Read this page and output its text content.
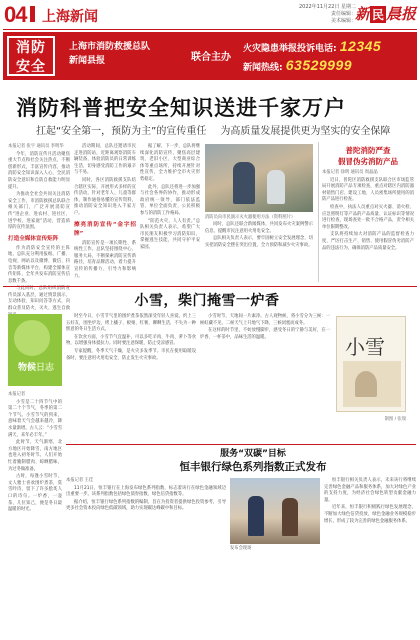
04 上海新闻
2022年11月22日 星期二
责任编辑：
美术编辑：
新 民 晨报
消防
安全
上海市消防救援总队
新闻县报	联合主办
火灾隐患举报投诉电话: 12345
新闻热线: 63529999
消防科普把安全知识送进千家万户
扛起“安全第一，预防为主”的宣传重任 为高质量发展提供更为坚实的安全保障

本报记者 张宇 通讯员 李明华

今年，消防宣传月活动聚焦重大节点和社会关注热点，不断创新形式，丰富宣传内容，推动消防安全知识深入人心，全民消防安全意识和自防自救能力明显提升。

为推动全社会共同关注消防安全工作，市消防救援总队联合相关部门，广泛开展消防宣传“进企业、进农村、进社区、进学校、进家庭”活动，营造浓厚的宣传氛围。

打造全媒体宣传矩阵

作为消防安全宣传的主阵地，总队充分利用报纸、广播、电视、网站以及微博、微信、抖音等新媒体平台，构建全媒体宣传矩阵，全年共发布消防宣传信息数千条。

与此同时，总队组织消防宣传员深入基层，通过情景演示、互动体验、知识问答等方式，向群众普及防火、灭火、逃生自救

活动期间，总队还邀请市民走进消防站，近距离观察消防车辆装备，体验消防员的日常训练生活，切身感受消防工作的艰辛与不易。

同时，各区消防救援支队结合辖区实际，开展形式多样的宣传活动，针对老年人、儿童等群体，制作通俗易懂的宣传资料，推动消防安全知识进入千家万户。

擦亮消防宣传“金字招牌”

消防宣传是一项长期性、系统性工作。总队坚持围绕中心、服务大局，不断探索消防宣传新路径，培育品牌活动，着力提升宣传的传播力、引导力和影响力。

据了解，下一步，总队将继续深化消防宣传，聚焦高层建筑、老旧小区、大型商业综合体等重点场所，持续开展针对性宣传，全力维护全市火灾形势稳定。

此外，总队还将进一步加强与社会各界的协作，推动形成政府统一领导、部门依法监管、单位全面负责、公民积极参与的消防工作格局。

“防范火灾，人人有责。”总队相关负责人表示，希望广大市民朋友积极学习消防知识，掌握逃生技能，共同守护平安家园。

消防员向市民演示灭火器使用方法（资料照片）

同时，总队还联合新闻媒体，共同发布火灾案例警示信息，提醒市民注意用火用电安全。

总队相关负责人表示，要牢固树立安全发展理念，切实把消防安全摆在突出位置，全力预防和减少火灾事故。

普陀消防严查
假冒伪劣消防产品

本报记者 徐明 通讯员 周晶晶

近日，普陀区消防救援支队联合区市场监管局开展消防产品专项检查，重点对辖区内消防器材销售门店、建设工地、人员密集场所使用的消防产品进行检查。

检查中，执法人员重点对灭火器、消火栓、应急照明灯等产品的产品质量、认证标识等情况进行检查，现场查处一批不合格产品，责令相关单位限期整改。

支队将持续加大对消防产品的监督检查力度，严厉打击生产、销售、使用假冒伪劣消防产品的违法行为，确保消防产品质量安全。

小雪，柴门掩雪一炉香
物候日志

本报记者

小雪是二十四节气中的第二十个节气，冬季的第二个节气。小雪节气的到来，意味着天气会越来越冷，降水量渐增。古人云：“小雪雪满天，来年必丰年。”

此时节，天气渐寒，北方地区开始降雪，南方地区也进入初冬时节。人们开始忙着腌制腊肉、晾晒腊味，为过冬做准备。

古时，每逢小雪时节，文人雅士喜欢围炉煮茶，赏雪吟诗，留下了许多脍炙人口的诗句。一炉香，一壶茶，几位知己，便是冬日最温暖的时光。

时至今日，小雪节气里的围炉煮茶依然深受年轻人喜爱。约上三五好友，围坐炉边，烤上橘子、板栗、红薯，聊聊生活，不失为一种惬意的冬日生活方式。

在饮食方面，小雪节气宜温补，可以多吃羊肉、牛肉、萝卜等食物，以增强身体抵抗力。同时要注意保暖，防止受凉感冒。

专家提醒，冬季天气干燥，是火灾多发季节。市民在使用取暖设备时，要注意用火用电安全，防止发生火灾事故。

小雪时节，天地间一片素净。古人观物候，将小雪分为三候：一候虹藏不见，二候天气上升地气下降，三候闭塞而成冬。

在这样的时节里，不妨放慢脚步，感受冬日的宁静与美好，在一炉香、一杯茶中，品味生活的温暖。	小雪
制图 / 张瑞
服务“双碳”目标
恒丰银行绿色系列指数正式发布

本报记者 王佳

11月21日，恒丰银行在上海发布绿色系列指数，标志着该行在绿色金融领域迈出重要一步。该系列指数包括绿色债券指数、绿色信贷指数等。

据介绍，恒丰银行绿色系列指数的编制，旨在为投资者提供绿色投资参考，引导更多社会资本投向绿色低碳领域，助力实现碳达峰碳中和目标。

发布会现场

恒丰银行相关负责人表示，未来该行将继续完善绿色金融产品和服务体系，加大对绿色产业的支持力度，为经济社会绿色转型贡献金融力量。

近年来，恒丰银行积极践行绿色发展理念，不断加大绿色信贷投放，绿色金融业务规模稳步增长，形成了较为完善的绿色金融服务体系。
